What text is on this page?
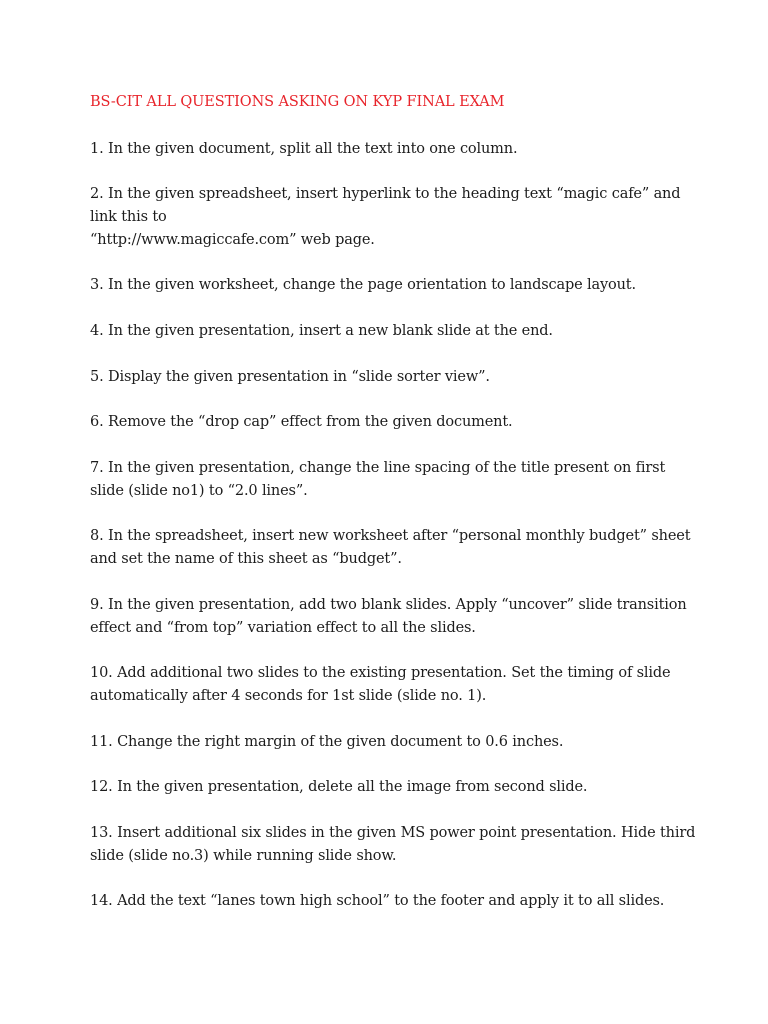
BS-CIT ALL QUESTIONS ASKING ON KYP FINAL EXAM
1. In the given document, split all the text into one column.
2. In the given spreadsheet, insert hyperlink to the heading text “magic cafe” and
link this to
“http://www.magiccafe.com” web page.
3. In the given worksheet, change the page orientation to landscape layout.
4. In the given presentation, insert a new blank slide at the end.
5. Display the given presentation in “slide sorter view”.
6. Remove the “drop cap” effect from the given document.
7. In the given presentation, change the line spacing of the title present on first
slide (slide no1) to “2.0 lines”.
8. In the spreadsheet, insert new worksheet after “personal monthly budget” sheet
and set the name of this sheet as “budget”.
9. In the given presentation, add two blank slides. Apply “uncover” slide transition
effect and “from top” variation effect to all the slides.
10. Add additional two slides to the existing presentation. Set the timing of slide
automatically after 4 seconds for 1st slide (slide no. 1).
11. Change the right margin of the given document to 0.6 inches.
12. In the given presentation, delete all the image from second slide.
13. Insert additional six slides in the given MS power point presentation. Hide third
slide (slide no.3) while running slide show.
14. Add the text “lanes town high school” to the footer and apply it to all slides.
